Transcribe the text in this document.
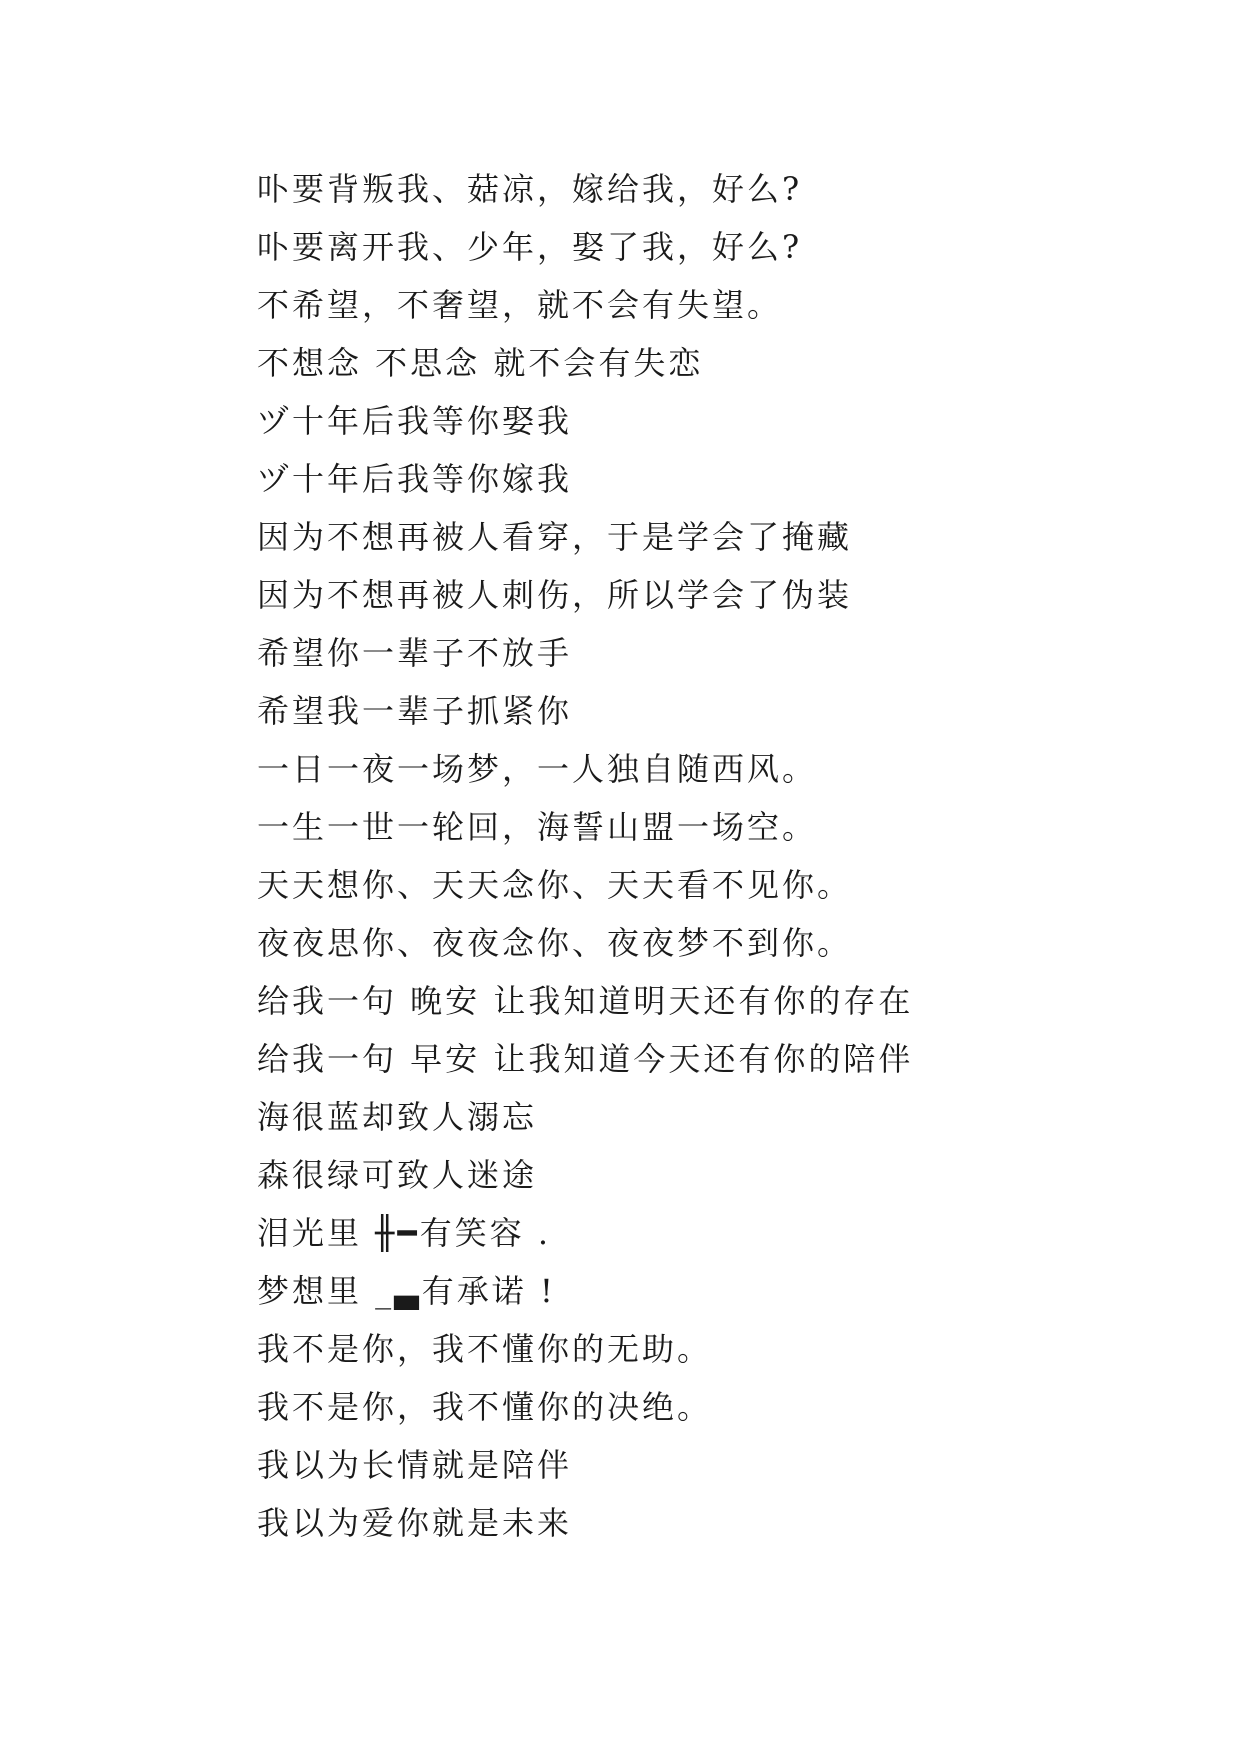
卟要背叛我、菇凉，嫁给我，好么?
卟要离开我、少年，娶了我，好么?
不希望，不奢望，就不会有失望。
不想念 不思念 就不会有失恋
ヅ十年后我等你娶我
ヅ十年后我等你嫁我
因为不想再被人看穿，于是学会了掩藏
因为不想再被人刺伤，所以学会了伪装
希望你一辈子不放手
希望我一辈子抓紧你
一日一夜一场梦，一人独自随西风。
一生一世一轮回，海誓山盟一场空。
天天想你、天天念你、天天看不见你。
夜夜思你、夜夜念你、夜夜梦不到你。
给我一句 晚安 让我知道明天还有你的存在
给我一句 早安 让我知道今天还有你的陪伴
海很蓝却致人溺忘
森很绿可致人迷途
泪光里 ╫━有笑容 .
梦想里 _▃有承诺 !
我不是你，我不懂你的无助。
我不是你，我不懂你的决绝。
我以为长情就是陪伴
我以为爱你就是未来
